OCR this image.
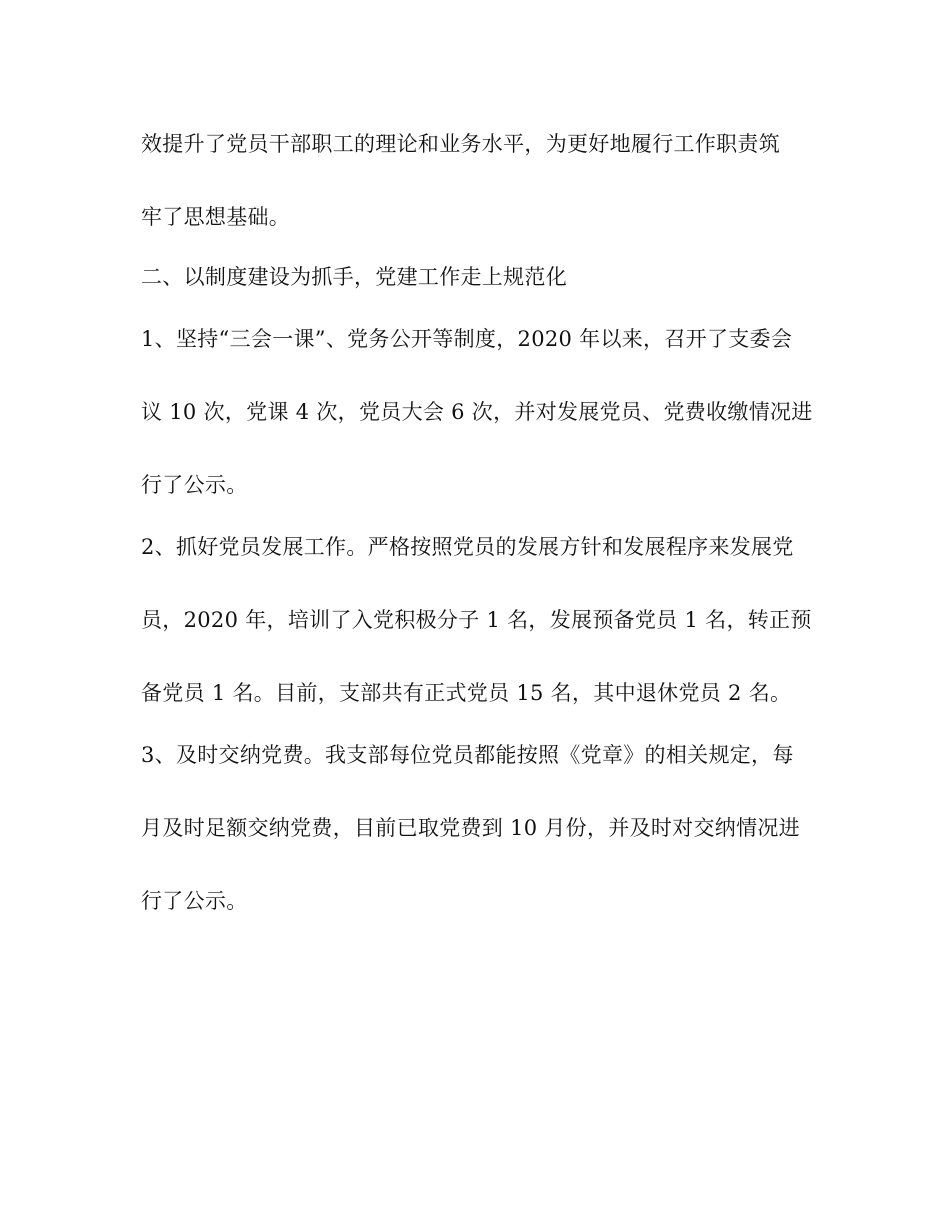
效提升了党员干部职工的理论和业务水平，为更好地履行工作职责筑
牢了思想基础。
二、以制度建设为抓手，党建工作走上规范化
1、坚持“三会一课”、党务公开等制度，2020 年以来，召开了支委会
议 10 次，党课 4 次，党员大会 6 次，并对发展党员、党费收缴情况进
行了公示。
2、抓好党员发展工作。严格按照党员的发展方针和发展程序来发展党
员，2020 年，培训了入党积极分子 1 名，发展预备党员 1 名，转正预
备党员 1 名。目前，支部共有正式党员 15 名，其中退休党员 2 名。
3、及时交纳党费。我支部每位党员都能按照《党章》的相关规定，每
月及时足额交纳党费，目前已取党费到 10 月份，并及时对交纳情况进
行了公示。
